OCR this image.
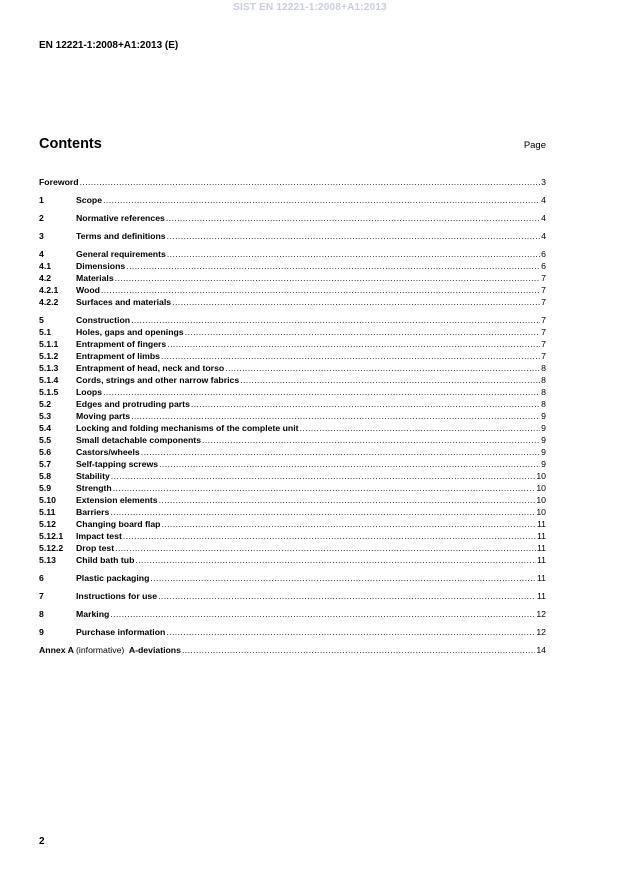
SIST EN 12221-1:2008+A1:2013
EN 12221-1:2008+A1:2013 (E)
Contents	Page
Foreword .....	3
1	Scope .....	4
2	Normative references .....	4
3	Terms and definitions .....	4
4	General requirements .....	6
4.1	Dimensions .....	6
4.2	Materials .....	7
4.2.1	Wood .....	7
4.2.2	Surfaces and materials .....	7
5	Construction .....	7
5.1	Holes, gaps and openings .....	7
5.1.1	Entrapment of fingers .....	7
5.1.2	Entrapment of limbs .....	7
5.1.3	Entrapment of head, neck and torso .....	8
5.1.4	Cords, strings and other narrow fabrics .....	8
5.1.5	Loops .....	8
5.2	Edges and protruding parts .....	8
5.3	Moving parts .....	9
5.4	Locking and folding mechanisms of the complete unit .....	9
5.5	Small detachable components .....	9
5.6	Castors/wheels .....	9
5.7	Self-tapping screws .....	9
5.8	Stability .....	10
5.9	Strength .....	10
5.10	Extension elements .....	10
5.11	Barriers .....	10
5.12	Changing board flap .....	11
5.12.1	Impact test .....	11
5.12.2	Drop test .....	11
5.13	Child bath tub .....	11
6	Plastic packaging .....	11
7	Instructions for use .....	11
8	Marking .....	12
9	Purchase information .....	12
Annex A (informative) A-deviations .....	14
2
